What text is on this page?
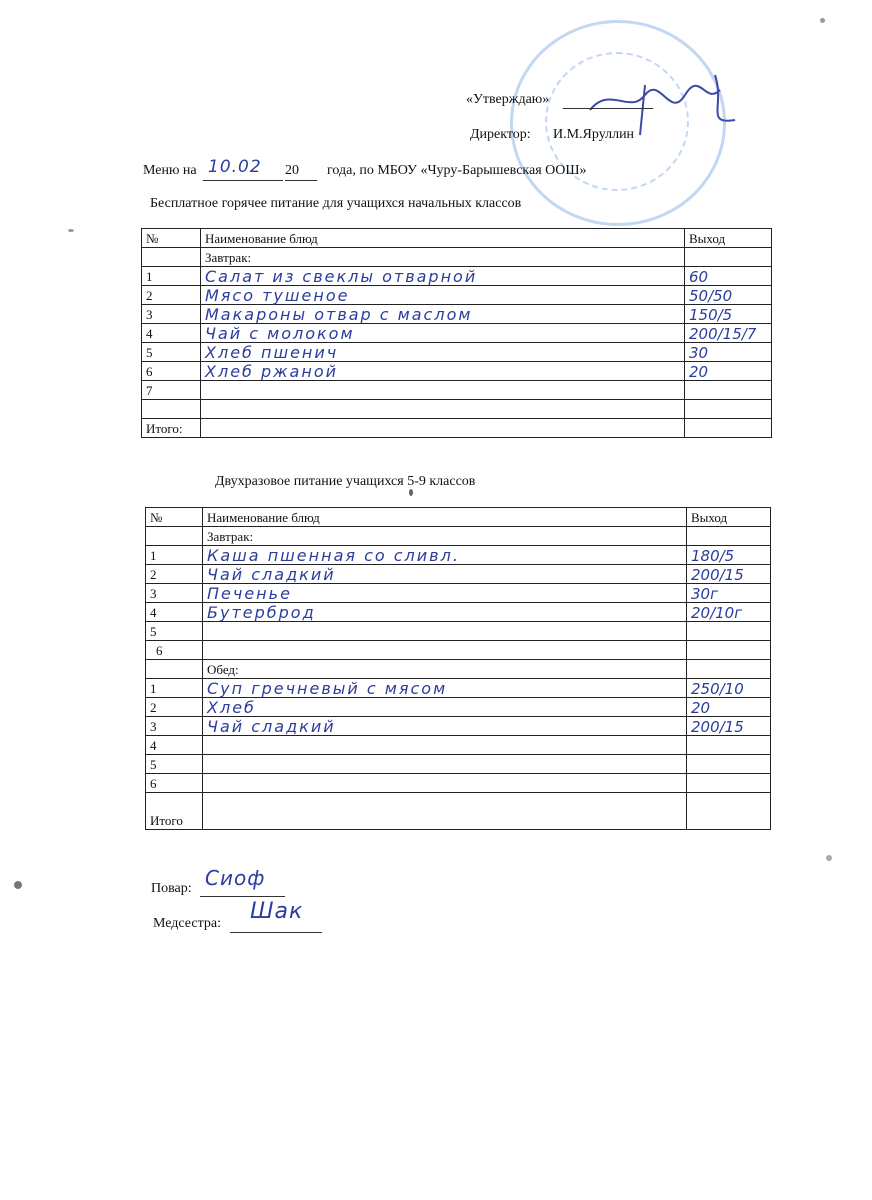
«Утверждаю»
Директор: И.М.Яруллин
Меню на 10.02 20 года, по МБОУ «Чуру-Барышевская ООШ»
Бесплатное горячее питание для учащихся начальных классов
№	Наименование блюд	Выход
	Завтрак:	
1	Салат из свеклы отварной	60
2	Мясо тушеное	50/50
3	Макароны отвар с маслом	150/5
4	Чай с молоком	200/15/7
5	Хлеб пшенич	30
6	Хлеб ржаной	20
7		

Итого:		
Двухразовое питание учащихся 5-9 классов
№	Наименование блюд	Выход
	Завтрак:	
1	Каша пшенная со сливл.	180/5
2	Чай сладкий	200/15
3	Печенье	30г
4	Бутерброд	20/10г
5		
6		
	Обед:	
1	Суп гречневый с мясом	250/10
2	Хлеб	20
3	Чай сладкий	200/15
4		
5		
6		
Итого		
Повар: Сиоф
Медсестра: Шак
